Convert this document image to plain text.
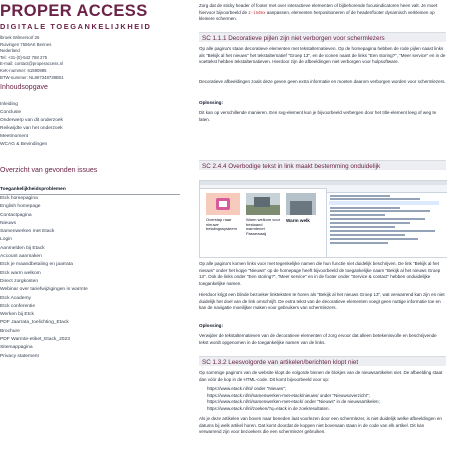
PROPER ACCESS
DIGITALE TOEGANKELIJKHEID
lbroek Wilmersorf 26
Ruivingen 7556AK Bennes
Nederland
Tel: +31-(0)-542 768 275
E-mail: contact@properaccess.nl
KvK-nummer: 61590985
BTW-nummer: NL867348739B01
Inhoudsopgave
Inleiding
Conclusie
Onderwerp van dit onderzoek
Reikwijdte van het onderzoek
Meetmoment
WCAG & Bevindingen
Overzicht van gevonden issues
Toegankelijkheidsproblemen
Etck homepagina
English homepage
Contactpagina
Nieuws
Samenwerken met Etack
Login
Aanmelden bij Etack
Account aanmaken
Etck je maandbetaling en jaarrata
Etck warm welkom
Direct zorgkosten
Webinar over tariefwijzigingen in warmte
Etck Academy
Etck conferentie
Werken bij Etck
PDF Jaarrata_toelichting_Etack
Brochure
PDF Warmte-etiket_Etack_2023
Sitemappagina
Privacy statement
Zorg dat de sticky header of footer met over interactieve elementen of bijbehorende focusindicatoren heen valt. Je moet hiervoor bijvoorbeeld de z-index aanpassen, elementen herpositioneren of de header/footer dynamisch verkleinen op kleinere schermen.
SC 1.1.1 Decoratieve pijlen zijn niet verborgen voor schermlezers
Op alle pagina's staan decoratieve elementen met tekstalternatieven. Op de homepagina hebben de rode pijlen naast links als "Bekijk al het nieuws" het tekstalternatief "Groep 13", en de iconen naast de links "Een storing?", "Meer service" en in de voettekst hebben tekstalternatieven. Hierdoor zijn de afbeeldingen niet verborgen voor hulpsoftware.
Decoratieve afbeeldingen zoals deze geven geen extra informatie en moeten daarom verborgen worden voor schermlezers.
Oplossing:
Dit kan op verschillende manieren. Een svg-element kun je bijvoorbeeld verbergen door het title-element leeg of weg te laten.
SC 2.4.4 Overbodige tekst in link maakt bestemming onduidelijk
Overstap naar nieuwe betalingssysteem
Warm welkom voor bestaand warmtenet Passewaaij
Warm welk
Op alle pagina's komen links voor met tegenkelijke namen die hun functie niet duidelijk beschrijven. De link "Bekijk al het nieuws" onder het kopje "Nieuws" op de homepage heeft bijvoorbeeld de toegankelijke naam "Bekijk al het nieuws Groep 13". Ook de links onder "Een storing?", "Meer service" en in de footer onder "Service & contact" hebben onduidelijke toegankelijke namen.
Hierdoor krijgt een blinde bezoeker linkteksten te horen als "Bekijk al het nieuws Groep 13", wat verwarrend kan zijn en niet duidelijk het doel van de link omschrijft. De extra tekst van de decoratieve elementen voegt geen nuttige informatie toe en kan de navigatie moeilijker maken voor gebruikers van schermlezers.
Oplossing:
Verwijder de tekstalternatieven van de decoratieve elementen of zorg ervoor dat alleen betekenisvolle en beschrijvende tekst wordt opgenomen in de toegankelijke namen van de links.
SC 1.3.2 Leesvolgorde van artikelen/berichten klopt niet
Op sommige pagina's van de website klopt de volgorde binnen de blokjes van de nieuwsartikelen niet. De afbeelding staat dan vóór de kop in de HTML-code. Dit komt bijvoorbeeld voor op:
https://www.etack.nl/nl/ onder "Nieuws";
https://www.etack.nl/nl/samenwerken-met-etack/nieuws/ onder "Nieuwsoverzicht";
https://www.etack.nl/nl/samenwerken-met-etack/ onder "Nieuws" in de nieuwsartikelen;
https://www.etack.nl/nl/zoeken/?q=etack in de zoekresultaten.
Als je deze artikelen van boven naar beneden laat voorlezen door een schermlezer, is niet duidelijk welke afbeeldingen en datums bij welk artikel horen. Dat komt doordat de koppen niet bovenaan staan in de code van elk artikel. Dit kan verwarrend zijn voor bezoekers die een schermlezer gebruiken.
